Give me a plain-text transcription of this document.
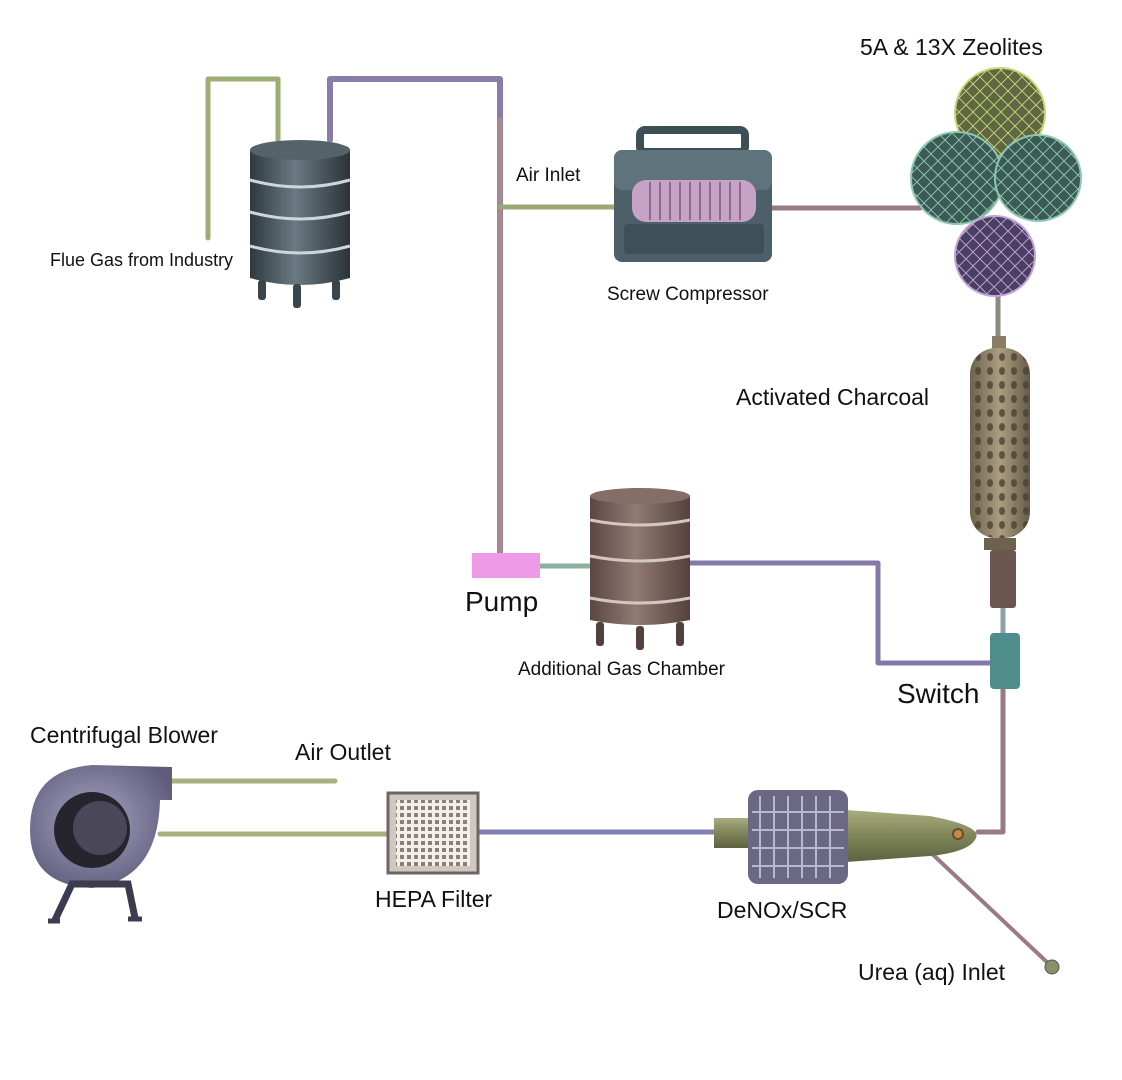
Flue Gas from Industry
Air Inlet
Screw Compressor
5A & 13X Zeolites
Activated Charcoal
Pump
Additional Gas Chamber
Switch
Centrifugal Blower
Air Outlet
HEPA Filter	DeNOx/SCR
Urea (aq) Inlet
